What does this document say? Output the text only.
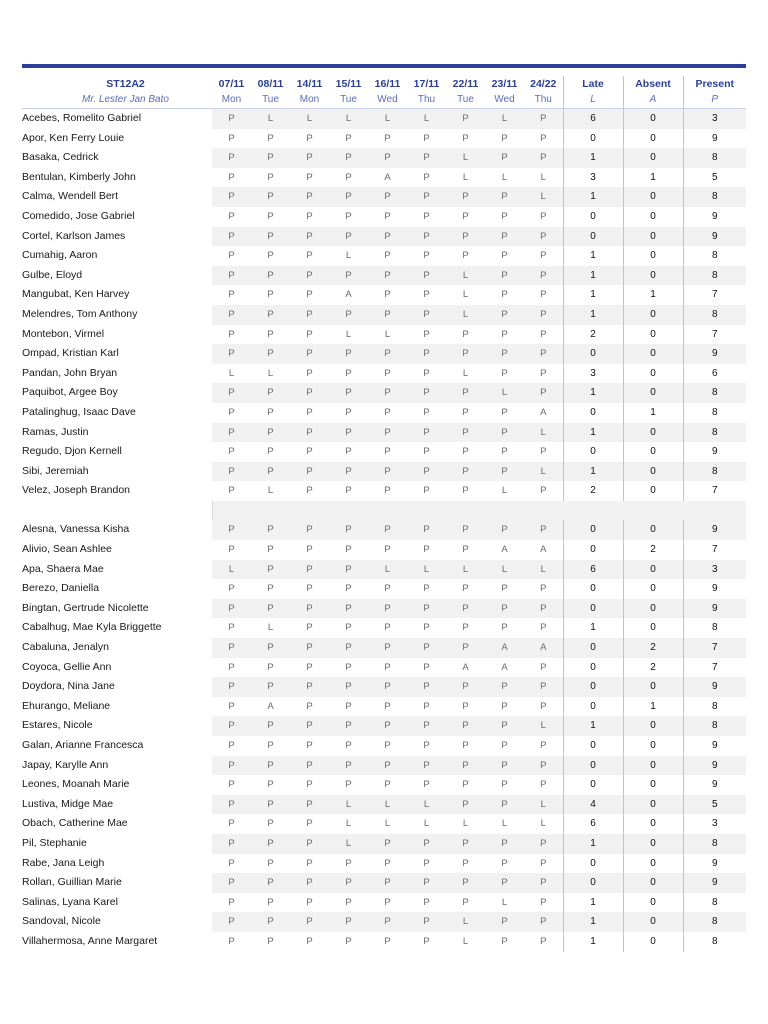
ST12A2	07/11	08/11	14/11	15/11	16/11	17/11	22/11	23/11	24/22	Late	Absent	Present
Mr. Lester Jan Bato	Mon	Tue	Mon	Tue	Wed	Thu	Tue	Wed	Thu	L	A	P
Acebes, Romelito Gabriel	P	L	L	L	L	L	P	L	P	6	0	3
Apor, Ken Ferry Louie	P	P	P	P	P	P	P	P	P	0	0	9
Basaka, Cedrick	P	P	P	P	P	P	L	P	P	1	0	8
Bentulan, Kimberly John	P	P	P	P	A	P	L	L	L	3	1	5
Calma, Wendell Bert	P	P	P	P	P	P	P	P	L	1	0	8
Comedido, Jose Gabriel	P	P	P	P	P	P	P	P	P	0	0	9
Cortel, Karlson James	P	P	P	P	P	P	P	P	P	0	0	9
Cumahig, Aaron	P	P	P	L	P	P	P	P	P	1	0	8
Gulbe, Eloyd	P	P	P	P	P	P	L	P	P	1	0	8
Mangubat, Ken Harvey	P	P	P	A	P	P	L	P	P	1	1	7
Melendres, Tom Anthony	P	P	P	P	P	P	L	P	P	1	0	8
Montebon, Virmel	P	P	P	L	L	P	P	P	P	2	0	7
Ompad, Kristian Karl	P	P	P	P	P	P	P	P	P	0	0	9
Pandan, John Bryan	L	L	P	P	P	P	L	P	P	3	0	6
Paquibot, Argee Boy	P	P	P	P	P	P	P	L	P	1	0	8
Patalinghug, Isaac Dave	P	P	P	P	P	P	P	P	A	0	1	8
Ramas, Justin	P	P	P	P	P	P	P	P	L	1	0	8
Regudo, Djon Kernell	P	P	P	P	P	P	P	P	P	0	0	9
Sibi, Jeremiah	P	P	P	P	P	P	P	P	L	1	0	8
Velez, Joseph Brandon	P	L	P	P	P	P	P	L	P	2	0	7

Alesna, Vanessa Kisha	P	P	P	P	P	P	P	P	P	0	0	9
Alivio, Sean Ashlee	P	P	P	P	P	P	P	A	A	0	2	7
Apa, Shaera Mae	L	P	P	P	L	L	L	L	L	6	0	3
Berezo, Daniella	P	P	P	P	P	P	P	P	P	0	0	9
Bingtan, Gertrude Nicolette	P	P	P	P	P	P	P	P	P	0	0	9
Cabalhug, Mae Kyla Briggette	P	L	P	P	P	P	P	P	P	1	0	8
Cabaluna, Jenalyn	P	P	P	P	P	P	P	A	A	0	2	7
Coyoca, Gellie Ann	P	P	P	P	P	P	A	A	P	0	2	7
Doydora, Nina Jane	P	P	P	P	P	P	P	P	P	0	0	9
Ehurango, Meliane	P	A	P	P	P	P	P	P	P	0	1	8
Estares, Nicole	P	P	P	P	P	P	P	P	L	1	0	8
Galan, Arianne Francesca	P	P	P	P	P	P	P	P	P	0	0	9
Japay, Karylle Ann	P	P	P	P	P	P	P	P	P	0	0	9
Leones, Moanah Marie	P	P	P	P	P	P	P	P	P	0	0	9
Lustiva, Midge Mae	P	P	P	L	L	L	P	P	L	4	0	5
Obach, Catherine Mae	P	P	P	L	L	L	L	L	L	6	0	3
Pil, Stephanie	P	P	P	L	P	P	P	P	P	1	0	8
Rabe, Jana Leigh	P	P	P	P	P	P	P	P	P	0	0	9
Rollan, Guillian Marie	P	P	P	P	P	P	P	P	P	0	0	9
Salinas, Lyana Karel	P	P	P	P	P	P	P	L	P	1	0	8
Sandoval, Nicole	P	P	P	P	P	P	L	P	P	1	0	8
Villahermosa, Anne Margaret	P	P	P	P	P	P	L	P	P	1	0	8
